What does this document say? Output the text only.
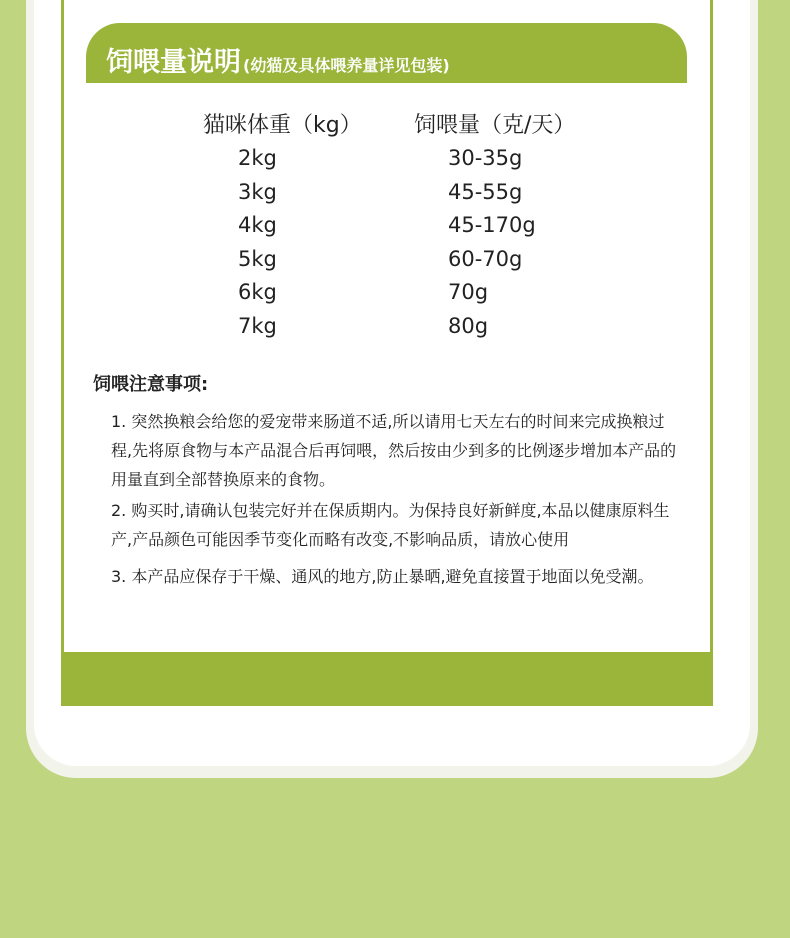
饲喂量说明 (幼猫及具体喂养量详见包装)
猫咪体重（kg） 饲喂量（克/天）
2kg	30-35g
3kg	45-55g
4kg	45-170g
5kg	60-70g
6kg	70g
7kg	80g
饲喂注意事项:

1. 突然换粮会给您的爱宠带来肠道不适,所以请用七天左右的时间来完成换粮过程,先将原食物与本产品混合后再饲喂，然后按由少到多的比例逐步增加本产品的用量直到全部替换原来的食物。

2. 购买时,请确认包装完好并在保质期内。为保持良好新鲜度,本品以健康原料生产,产品颜色可能因季节变化而略有改变,不影响品质，请放心使用

3. 本产品应保存于干燥、通风的地方,防止暴晒,避免直接置于地面以免受潮。
